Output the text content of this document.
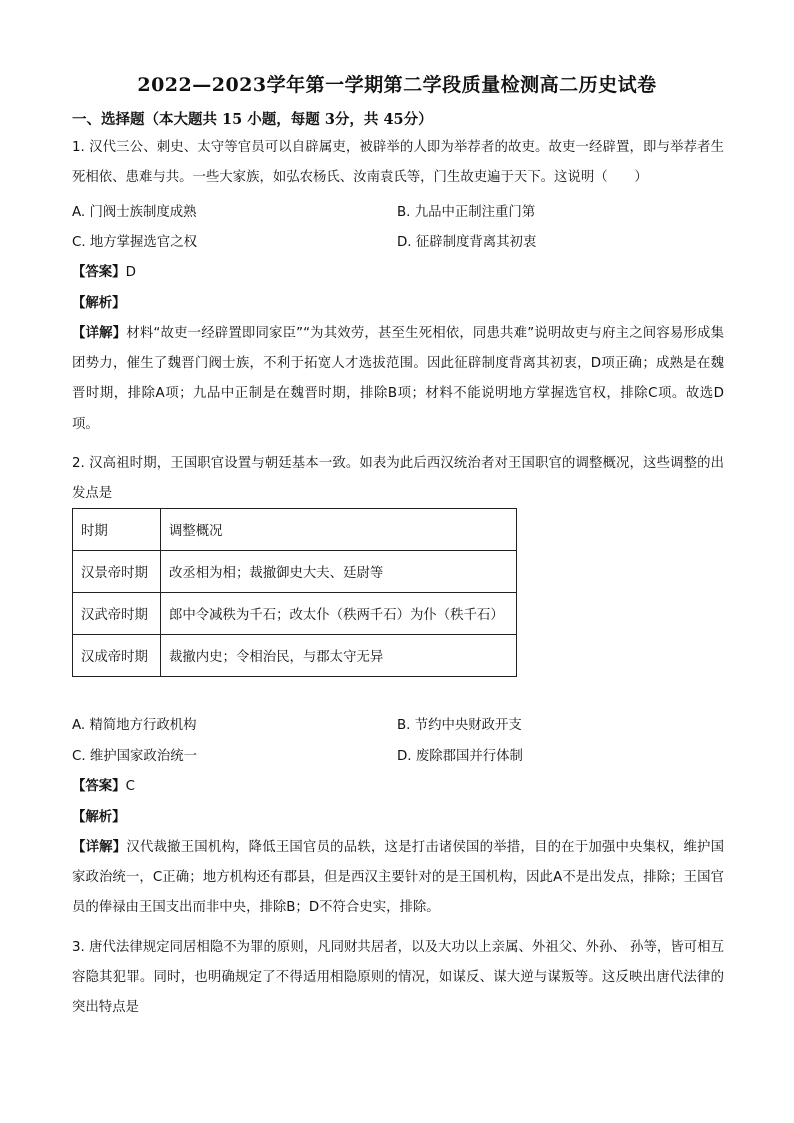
2022—2023学年第一学期第二学段质量检测高二历史试卷
一、选择题（本大题共 15 小题，每题 3分，共 45分）
1. 汉代三公、刺史、太守等官员可以自辟属吏，被辟举的人即为举荐者的故吏。故吏一经辟置，即与举荐者生死相依、患难与共。一些大家族，如弘农杨氏、汝南袁氏等，门生故吏遍于天下。这说明（　　）
A. 门阀士族制度成熟	B. 九品中正制注重门第
C. 地方掌握选官之权	D. 征辟制度背离其初衷
【答案】D
【解析】
【详解】材料“故吏一经辟置即同家臣”“为其效劳，甚至生死相依，同患共难”说明故吏与府主之间容易形成集团势力，催生了魏晋门阀士族，不利于拓宽人才选拔范围。因此征辟制度背离其初衷，D项正确；成熟是在魏晋时期，排除A项；九品中正制是在魏晋时期，排除B项；材料不能说明地方掌握选官权，排除C项。故选D项。
2. 汉高祖时期，王国职官设置与朝廷基本一致。如表为此后西汉统治者对王国职官的调整概况，这些调整的出发点是
时期	调整概况
汉景帝时期	改丞相为相；裁撤御史大夫、廷尉等
汉武帝时期	郎中令减秩为千石；改太仆（秩两千石）为仆（秩千石）
汉成帝时期	裁撤内史；令相治民，与郡太守无异
A. 精简地方行政机构	B. 节约中央财政开支
C. 维护国家政治统一	D. 废除郡国并行体制
【答案】C
【解析】
【详解】汉代裁撤王国机构，降低王国官员的品轶，这是打击诸侯国的举措，目的在于加强中央集权，维护国家政治统一，C正确；地方机构还有郡县，但是西汉主要针对的是王国机构，因此A不是出发点，排除；王国官员的俸禄由王国支出而非中央，排除B；D不符合史实，排除。
3. 唐代法律规定同居相隐不为罪的原则，凡同财共居者，以及大功以上亲属、外祖父、外孙、 孙等，皆可相互容隐其犯罪。同时，也明确规定了不得适用相隐原则的情况，如谋反、谋大逆与谋叛等。这反映出唐代法律的突出特点是
